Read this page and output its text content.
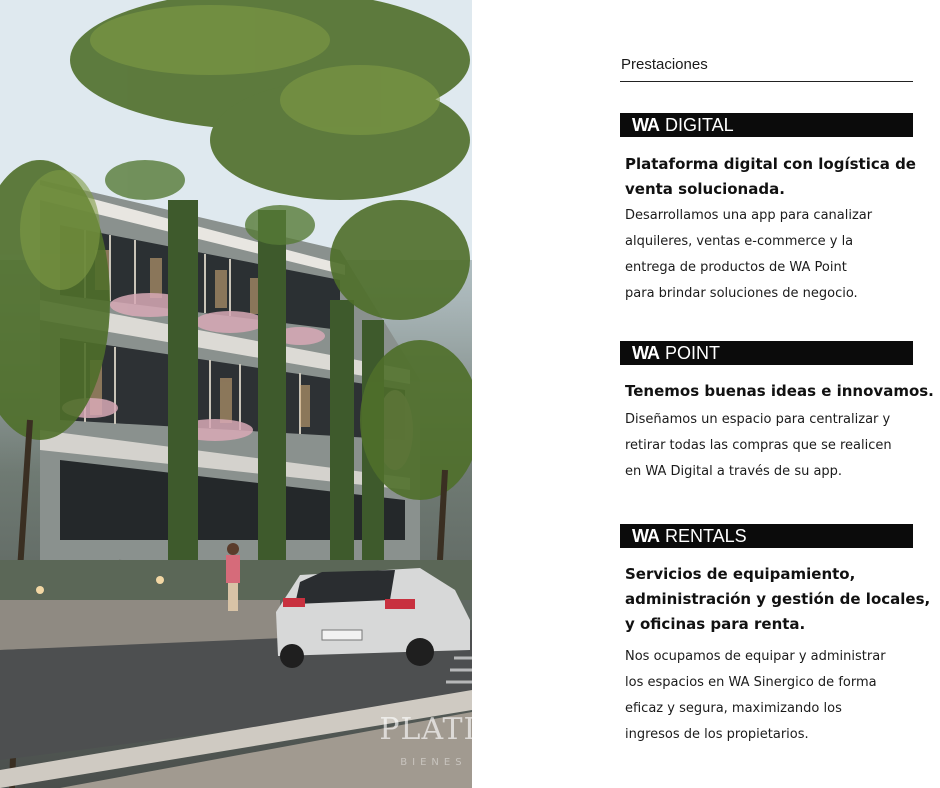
PLATINUM
BIENES RAICES
Prestaciones
WA DIGITAL
Plataforma digital con logística de
venta solucionada.
Desarrollamos una app para canalizar
alquileres, ventas e-commerce y la
entrega de productos de WA Point
para brindar soluciones de negocio.
WA POINT
Tenemos buenas ideas e innovamos.
Diseñamos un espacio para centralizar y
retirar todas las compras que se realicen
en WA Digital a través de su app.
WA RENTALS
Servicios de equipamiento,
administración y gestión de locales,
y oficinas para renta.
Nos ocupamos de equipar y administrar
los espacios en WA Sinergico de forma
eficaz y segura, maximizando los
ingresos de los propietarios.
